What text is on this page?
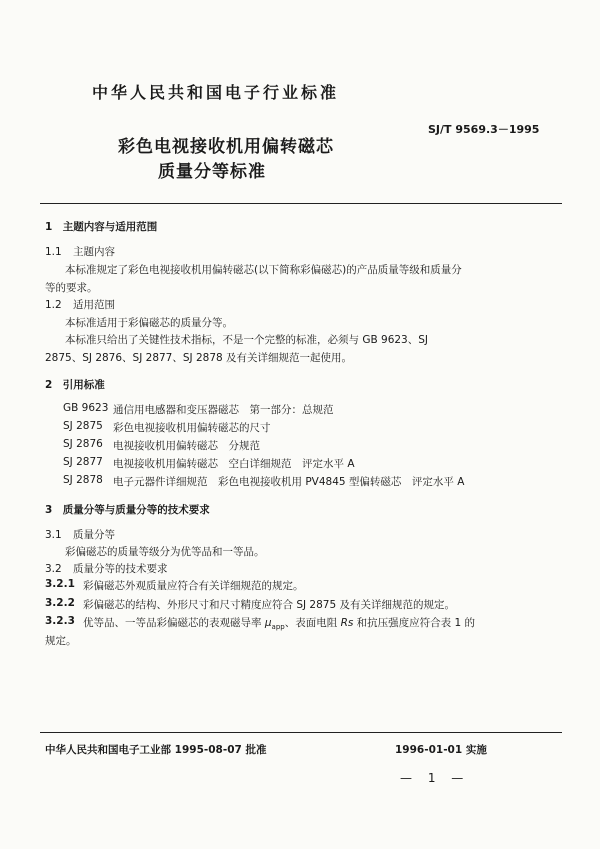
中华人民共和国电子行业标准
SJ/T 9569.3－1995
彩色电视接收机用偏转磁芯
质量分等标准
1　主题内容与适用范围
1.1 主题内容
本标准规定了彩色电视接收机用偏转磁芯(以下简称彩偏磁芯)的产品质量等级和质量分等的要求。
1.2 适用范围
本标准适用于彩偏磁芯的质量分等。
本标准只给出了关键性技术指标，不是一个完整的标准，必须与 GB 9623、SJ 2875、SJ 2876、SJ 2877、SJ 2878 及有关详细规范一起使用。
2　引用标准
GB 9623 通信用电感器和变压器磁芯　第一部分：总规范
SJ 2875 彩色电视接收机用偏转磁芯的尺寸
SJ 2876 电视接收机用偏转磁芯　分规范
SJ 2877 电视接收机用偏转磁芯　空白详细规范　评定水平 A
SJ 2878 电子元器件详细规范　彩色电视接收机用 PV4845 型偏转磁芯　评定水平 A
3　质量分等与质量分等的技术要求
3.1 质量分等
彩偏磁芯的质量等级分为优等品和一等品。
3.2 质量分等的技术要求
3.2.1 彩偏磁芯外观质量应符合有关详细规范的规定。
3.2.2 彩偏磁芯的结构、外形尺寸和尺寸精度应符合 SJ 2875 及有关详细规范的规定。
3.2.3 优等品、一等品彩偏磁芯的表观磁导率 $\mu_{app}$、表面电阻 Rs 和抗压强度应符合表 1 的
规定。
中华人民共和国电子工业部 1995-08-07 批准	1996-01-01 实施
— 1 —
